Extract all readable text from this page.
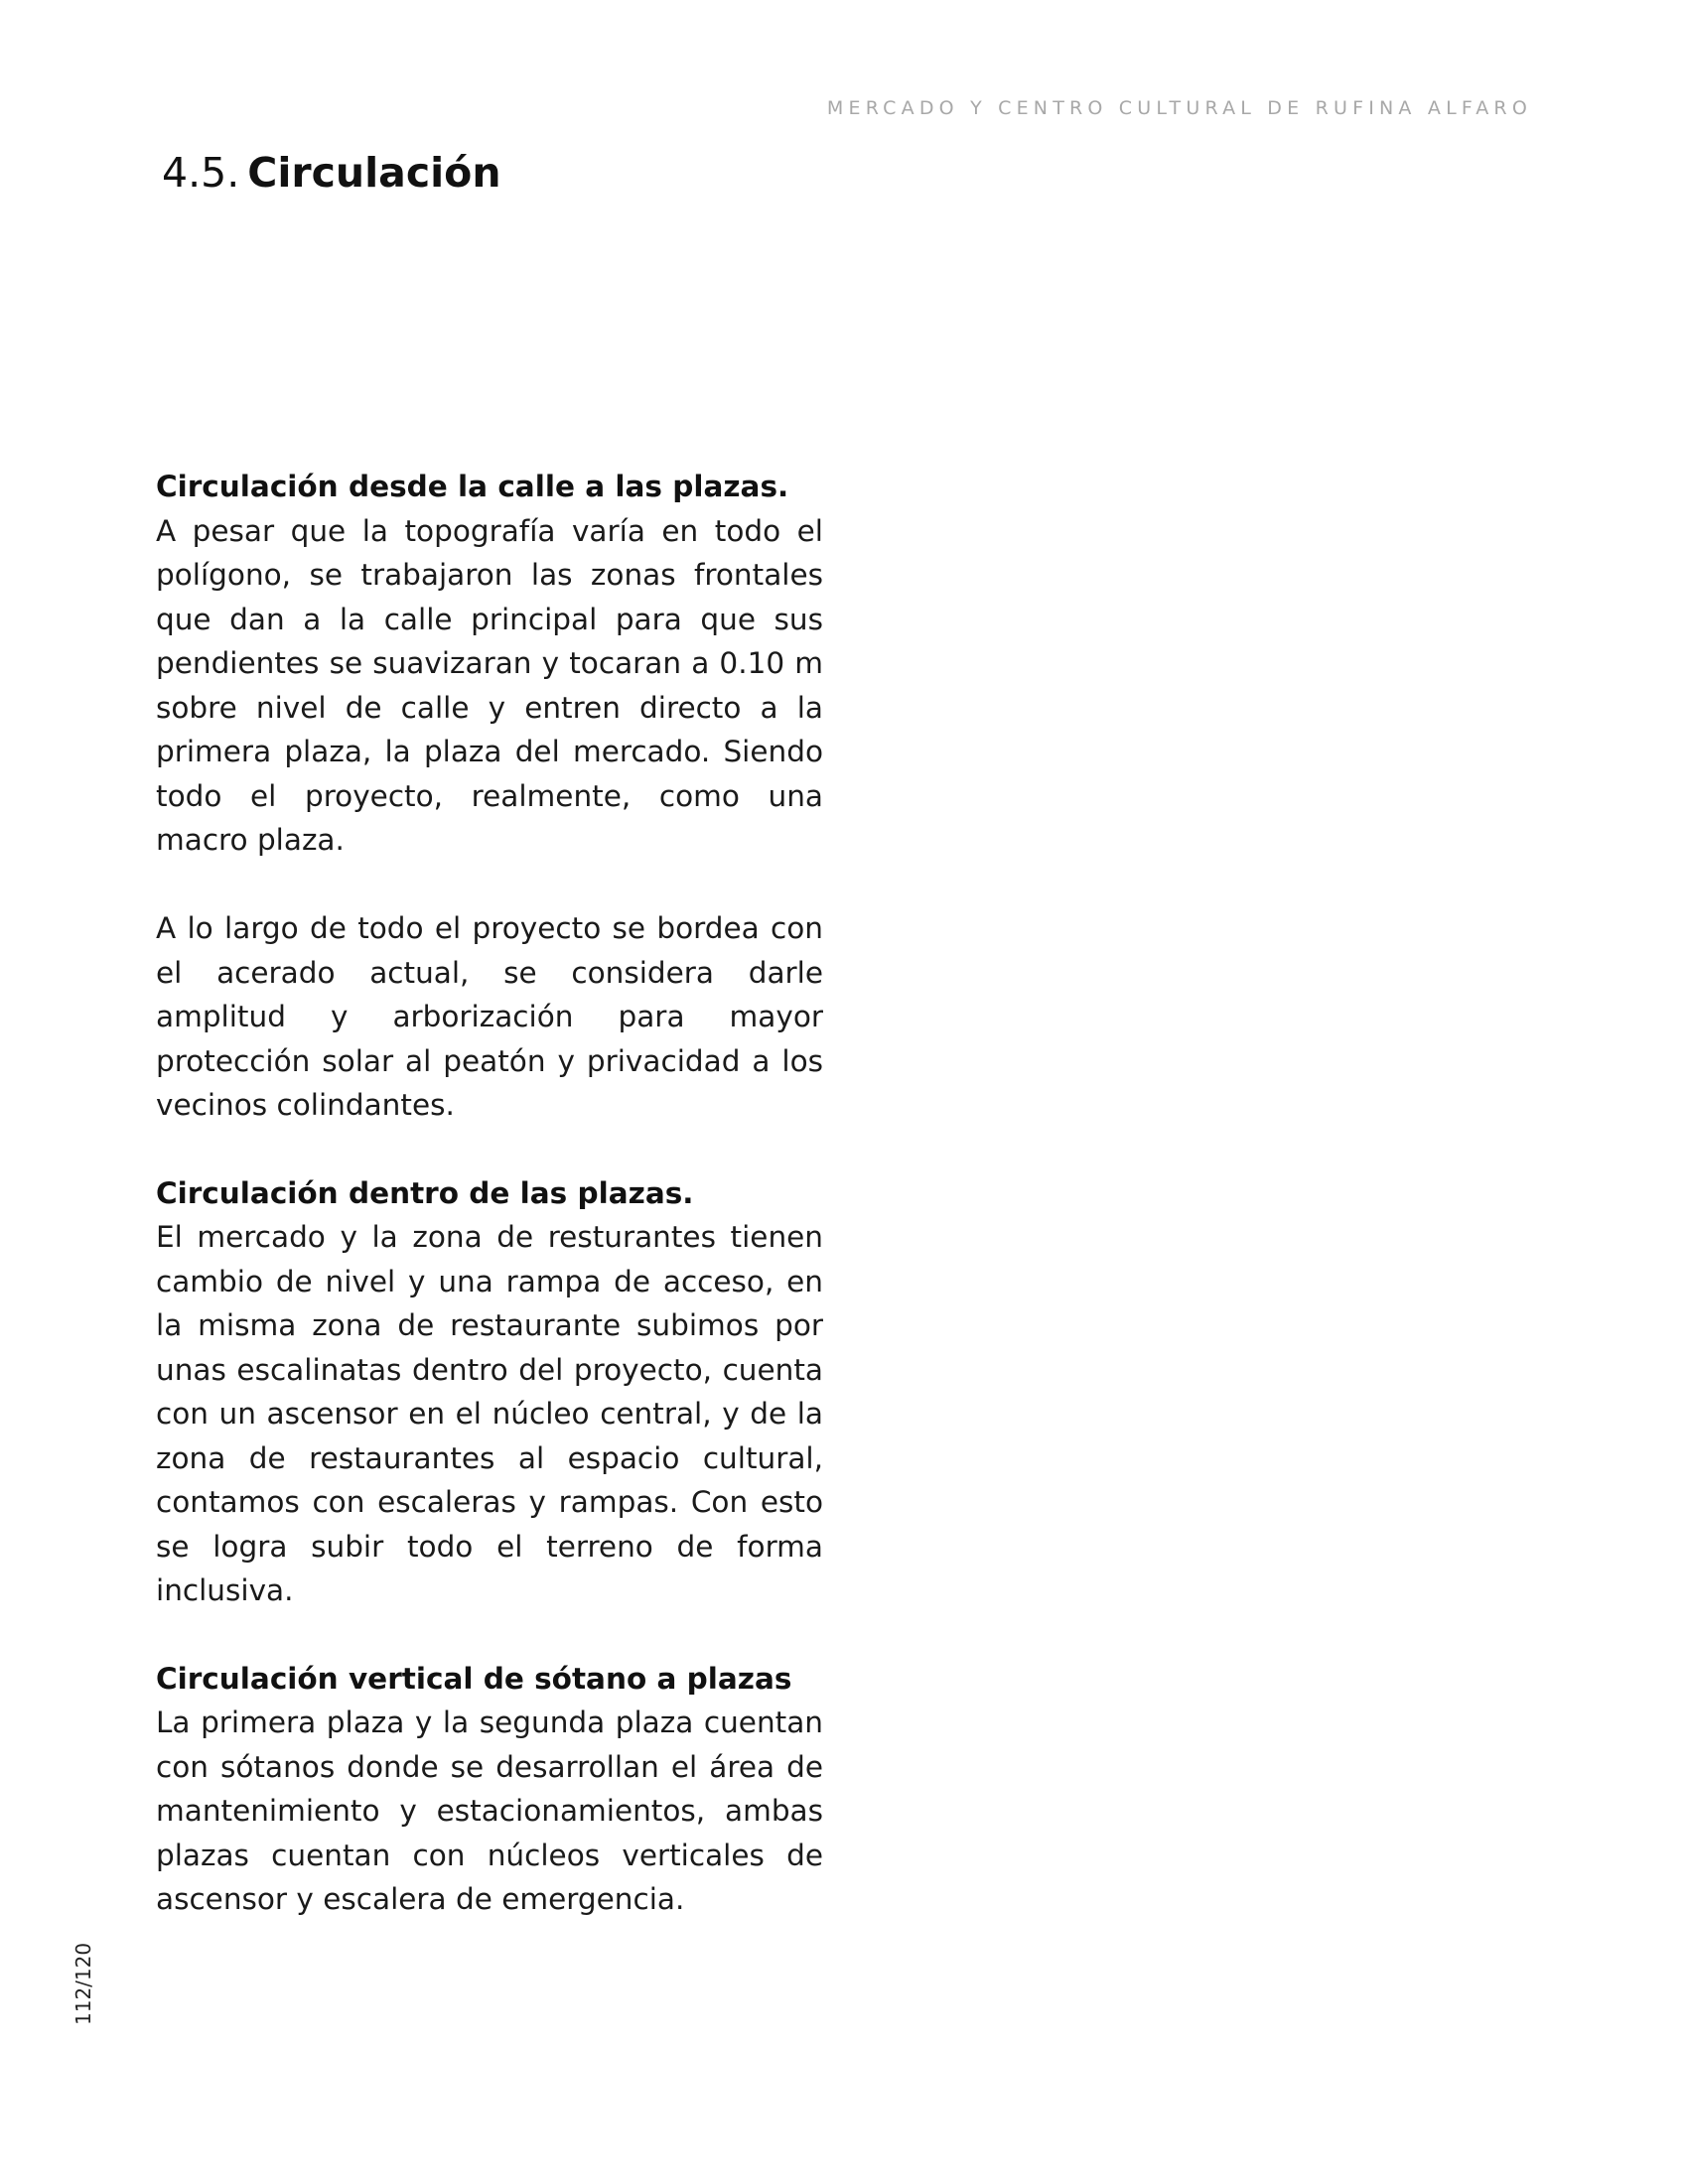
MERCADO Y CENTRO CULTURAL DE RUFINA ALFARO
4.5. Circulación
Circulación desde la calle a las plazas.

A pesar que la topografía varía en todo el polígono, se trabajaron las zonas frontales que dan a la calle principal para que sus pendientes se suavizaran y tocaran a 0.10 m sobre nivel de calle y entren directo a la primera plaza, la plaza del mercado. Siendo todo el proyecto, realmente, como una macro plaza.

A lo largo de todo el proyecto se bordea con el acerado actual, se considera darle amplitud y arborización para mayor protección solar al peatón y privacidad a los vecinos colindantes.

Circulación dentro de las plazas.

El mercado y la zona de resturantes tienen cambio de nivel y una rampa de acceso, en la misma zona de restaurante subimos por unas escalinatas dentro del proyecto, cuenta con un ascensor en el núcleo central, y de la zona de restaurantes al espacio cultural, contamos con escaleras y rampas. Con esto se logra subir todo el terreno de forma inclusiva.

Circulación vertical de sótano a plazas

La primera plaza y la segunda plaza cuentan con sótanos donde se desarrollan el área de mantenimiento y estacionamientos, ambas plazas cuentan con núcleos verticales de ascensor y escalera de emergencia.

112/120
